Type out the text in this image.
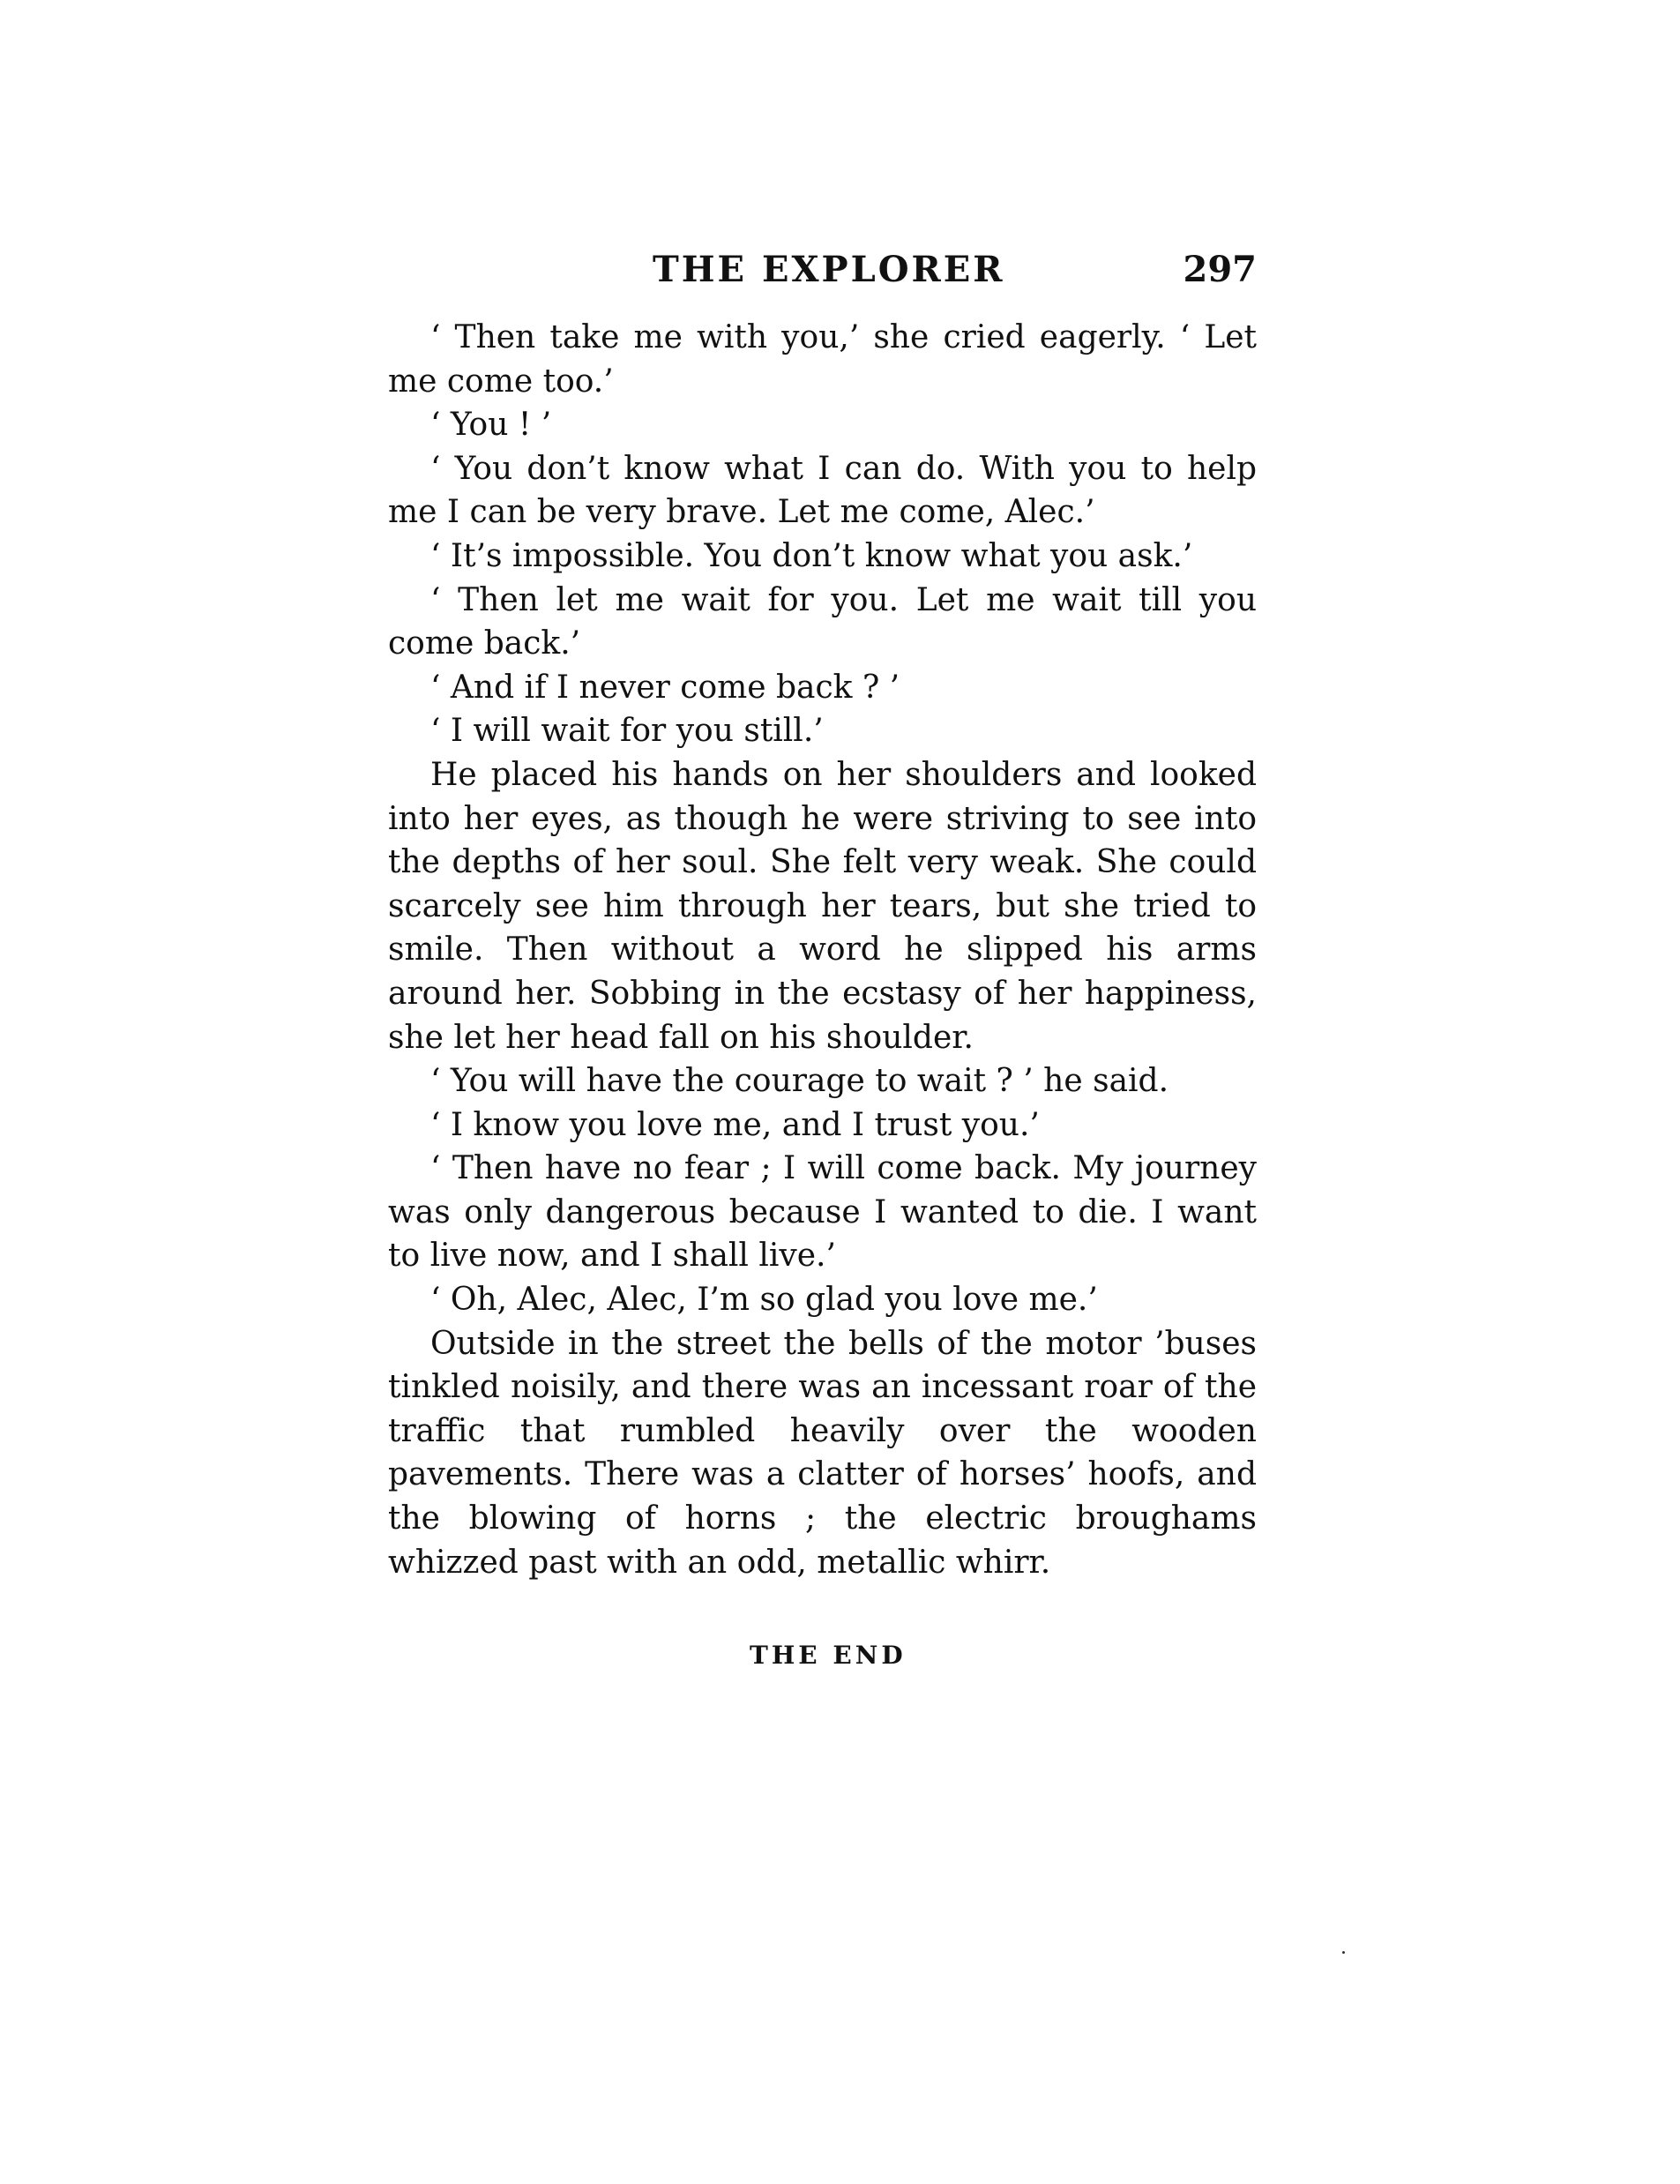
THE EXPLORER	297

‘ Then take me with you,’ she cried eagerly. ‘ Let me come too.’

‘ You ! ’

‘ You don’t know what I can do. With you to help me I can be very brave. Let me come, Alec.’

‘ It’s impossible. You don’t know what you ask.’

‘ Then let me wait for you. Let me wait till you come back.’

‘ And if I never come back ? ’

‘ I will wait for you still.’

He placed his hands on her shoulders and looked into her eyes, as though he were striving to see into the depths of her soul. She felt very weak. She could scarcely see him through her tears, but she tried to smile. Then without a word he slipped his arms around her. Sobbing in the ecstasy of her happiness, she let her head fall on his shoulder.

‘ You will have the courage to wait ? ’ he said.

‘ I know you love me, and I trust you.’

‘ Then have no fear ; I will come back. My journey was only dangerous because I wanted to die. I want to live now, and I shall live.’

‘ Oh, Alec, Alec, I’m so glad you love me.’

Outside in the street the bells of the motor ’buses tinkled noisily, and there was an incessant roar of the traffic that rumbled heavily over the wooden pavements. There was a clatter of horses’ hoofs, and the blowing of horns ; the electric broughams whizzed past with an odd, metallic whirr.

THE END
